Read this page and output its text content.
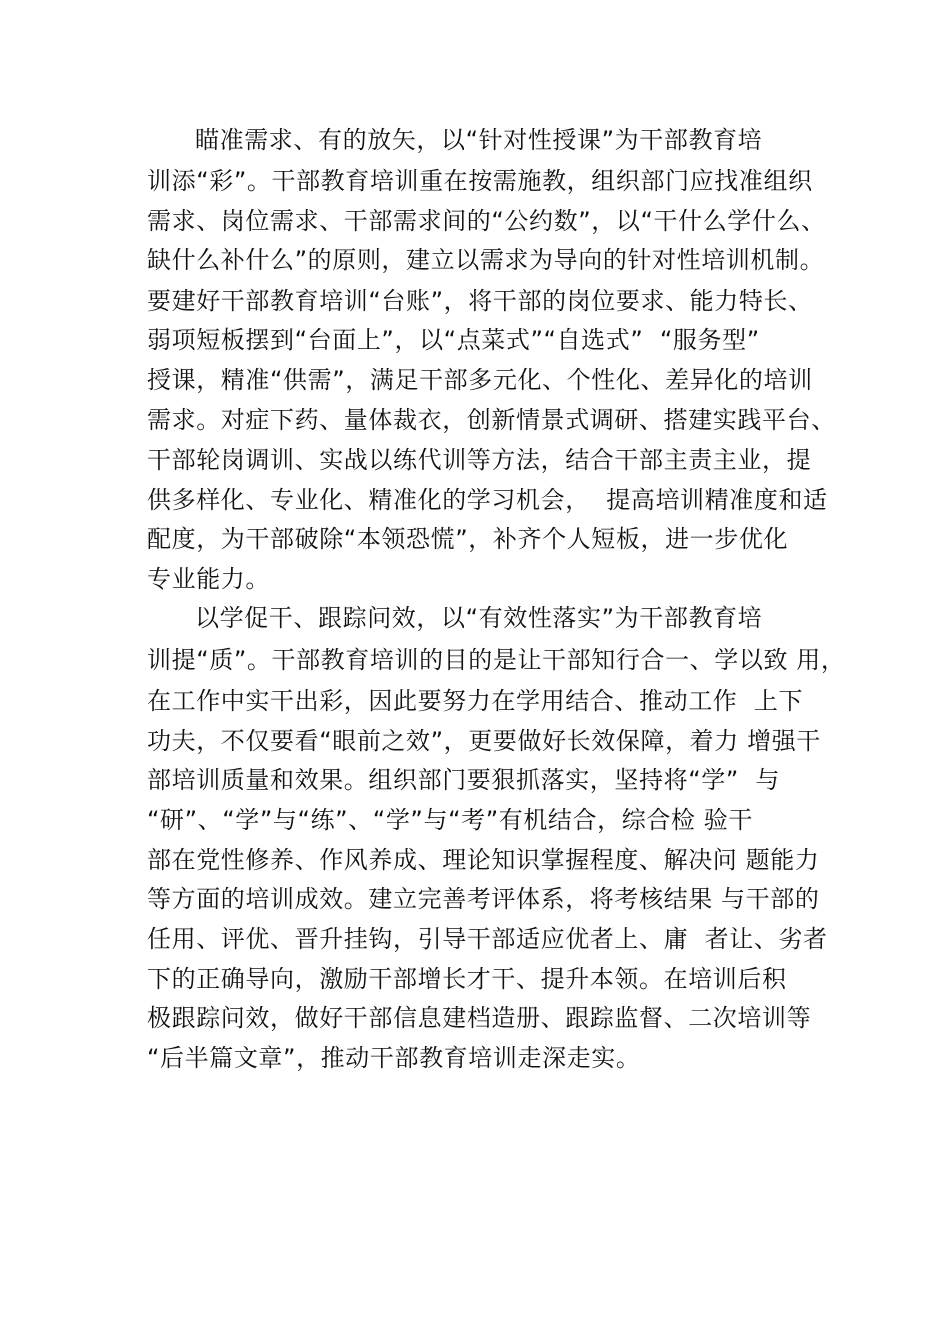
瞄准需求、有的放矢，以“针对性授课”为干部教育培
训添“彩”。干部教育培训重在按需施教，组织部门应找准组织
需求、岗位需求、干部需求间的“公约数”，以“干什么学什么、
缺什么补什么”的原则，建立以需求为导向的针对性培训机制。
要建好干部教育培训“台账”，将干部的岗位要求、能力特长、
弱项短板摆到“台面上”，以“点菜式”“自选式”  “服务型”
授课，精准“供需”，满足干部多元化、个性化、差异化的培训
需求。对症下药、量体裁衣，创新情景式调研、搭建实践平台、
干部轮岗调训、实战以练代训等方法，结合干部主责主业，提
供多样化、专业化、精准化的学习机会，  提高培训精准度和适
配度，为干部破除“本领恐慌”，补齐个人短板，进一步优化
专业能力。
以学促干、跟踪问效，以“有效性落实”为干部教育培
训提“质”。干部教育培训的目的是让干部知行合一、学以致 用，
在工作中实干出彩，因此要努力在学用结合、推动工作  上下
功夫，不仅要看“眼前之效”，更要做好长效保障，着力 增强干
部培训质量和效果。组织部门要狠抓落实，坚持将“学”  与
“研”、“学”与“练”、“学”与“考”有机结合，综合检 验干
部在党性修养、作风养成、理论知识掌握程度、解决问 题能力
等方面的培训成效。建立完善考评体系，将考核结果 与干部的
任用、评优、晋升挂钩，引导干部适应优者上、庸  者让、劣者
下的正确导向，激励干部增长才干、提升本领。在培训后积
极跟踪问效，做好干部信息建档造册、跟踪监督、二次培训等
“后半篇文章”，推动干部教育培训走深走实。
